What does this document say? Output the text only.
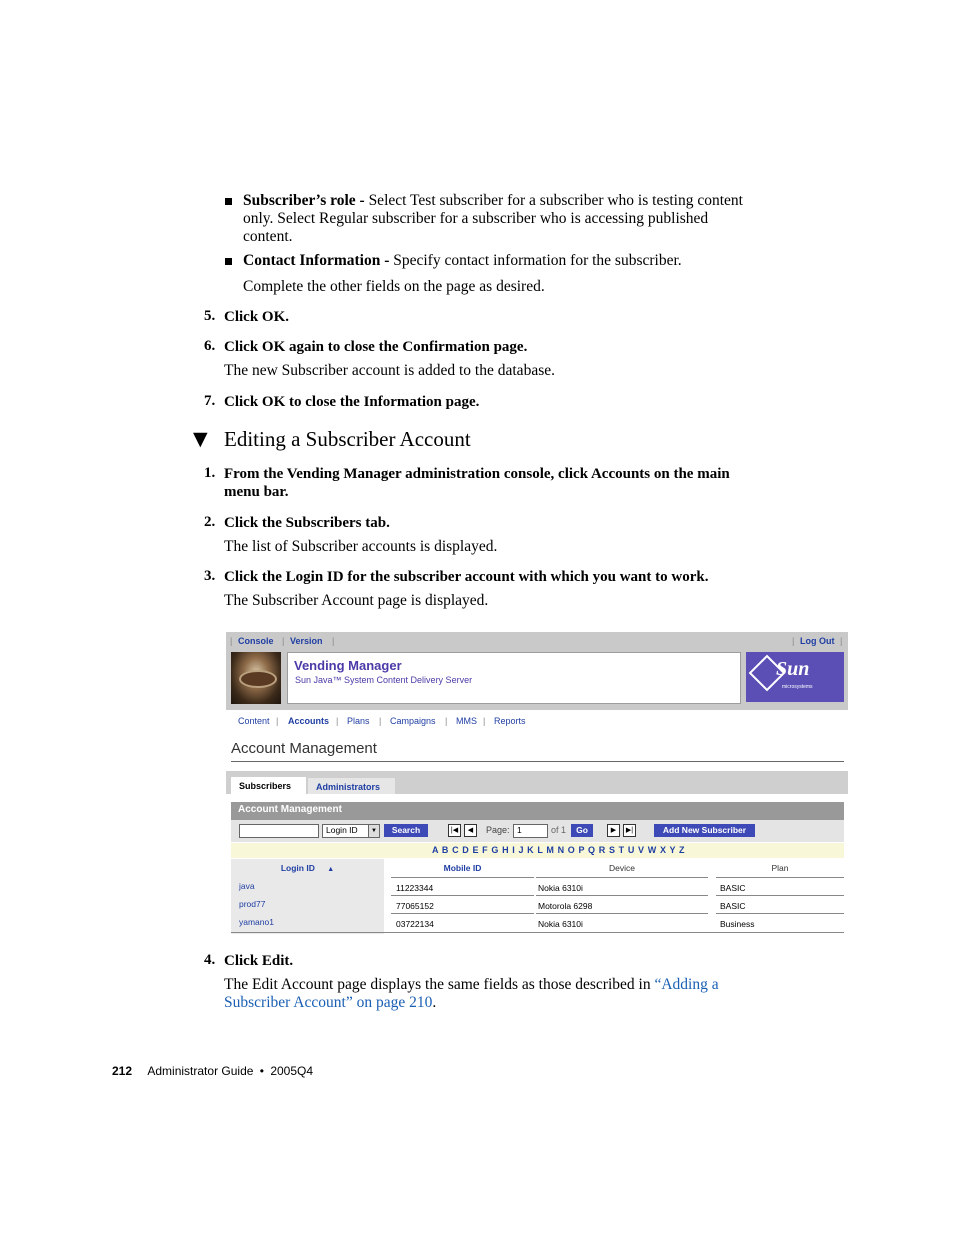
Subscriber’s role - Select Test subscriber for a subscriber who is testing content
only. Select Regular subscriber for a subscriber who is accessing published
content.
Contact Information - Specify contact information for the subscriber.
Complete the other fields on the page as desired.
5. Click OK.
6. Click OK again to close the Confirmation page.
The new Subscriber account is added to the database.
7. Click OK to close the Information page.
▼ Editing a Subscriber Account
1. From the Vending Manager administration console, click Accounts on the main
menu bar.
2. Click the Subscribers tab.
The list of Subscriber accounts is displayed.
3. Click the Login ID for the subscriber account with which you want to work.
The Subscriber Account page is displayed.
| Console | Version |	| Log Out |
Vending Manager
Sun Java™ System Content Delivery Server	Sun
microsystems
Content | Accounts | Plans | Campaigns | MMS | Reports
Account Management
Subscribers	Administrators
Account Management
Login ID	▼	Search	|◀	◀	Page: 1	of 1	Go	▶	▶|	Add New Subscriber
A B C D E F G H I J K L M N O P Q R S T U V W X Y Z
Login ID ▲	Mobile ID	Device	Plan
java	11223344	Nokia 6310i	BASIC
prod77	77065152	Motorola 6298	BASIC
yamano1	03722134	Nokia 6310i	Business
4. Click Edit.
The Edit Account page displays the same fields as those described in “Adding a
Subscriber Account” on page 210.
212 Administrator Guide • 2005Q4
